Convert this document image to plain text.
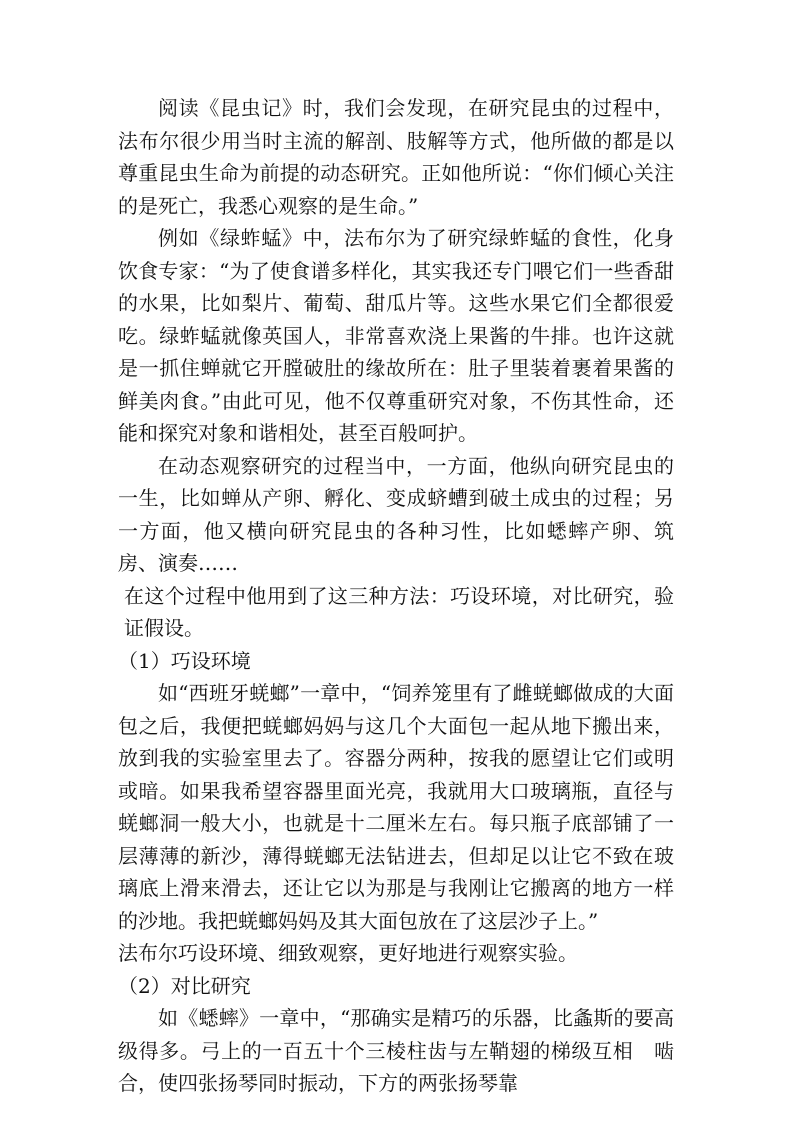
阅读《昆虫记》时，我们会发现，在研究昆虫的过程中，法布尔很少用当时主流的解剖、肢解等方式，他所做的都是以尊重昆虫生命为前提的动态研究。正如他所说：“你们倾心关注的是死亡，我悉心观察的是生命。”

例如《绿蚱蜢》中，法布尔为了研究绿蚱蜢的食性，化身饮食专家：“为了使食谱多样化，其实我还专门喂它们一些香甜的水果，比如梨片、葡萄、甜瓜片等。这些水果它们全都很爱吃。绿蚱蜢就像英国人，非常喜欢浇上果酱的牛排。也许这就是一抓住蝉就它开膛破肚的缘故所在：肚子里装着裹着果酱的鲜美肉食。”由此可见，他不仅尊重研究对象，不伤其性命，还能和探究对象和谐相处，甚至百般呵护。

在动态观察研究的过程当中，一方面，他纵向研究昆虫的一生，比如蝉从产卵、孵化、变成蛴螬到破土成虫的过程；另一方面，他又横向研究昆虫的各种习性，比如蟋蟀产卵、筑房、演奏……

在这个过程中他用到了这三种方法：巧设环境，对比研究，验证假设。

（1）巧设环境

如“西班牙蜣螂”一章中，“饲养笼里有了雌蜣螂做成的大面包之后，我便把蜣螂妈妈与这几个大面包一起从地下搬出来，放到我的实验室里去了。容器分两种，按我的愿望让它们或明或暗。如果我希望容器里面光亮，我就用大口玻璃瓶，直径与蜣螂洞一般大小，也就是十二厘米左右。每只瓶子底部铺了一层薄薄的新沙，薄得蜣螂无法钻进去，但却足以让它不致在玻璃底上滑来滑去，还让它以为那是与我刚让它搬离的地方一样的沙地。我把蜣螂妈妈及其大面包放在了这层沙子上。”

法布尔巧设环境、细致观察，更好地进行观察实验。

（2）对比研究

如《蟋蟀》一章中，“那确实是精巧的乐器，比螽斯的要高级得多。弓上的一百五十个三棱柱齿与左鞘翅的梯级互相　啮合，使四张扬琴同时振动，下方的两张扬琴靠
